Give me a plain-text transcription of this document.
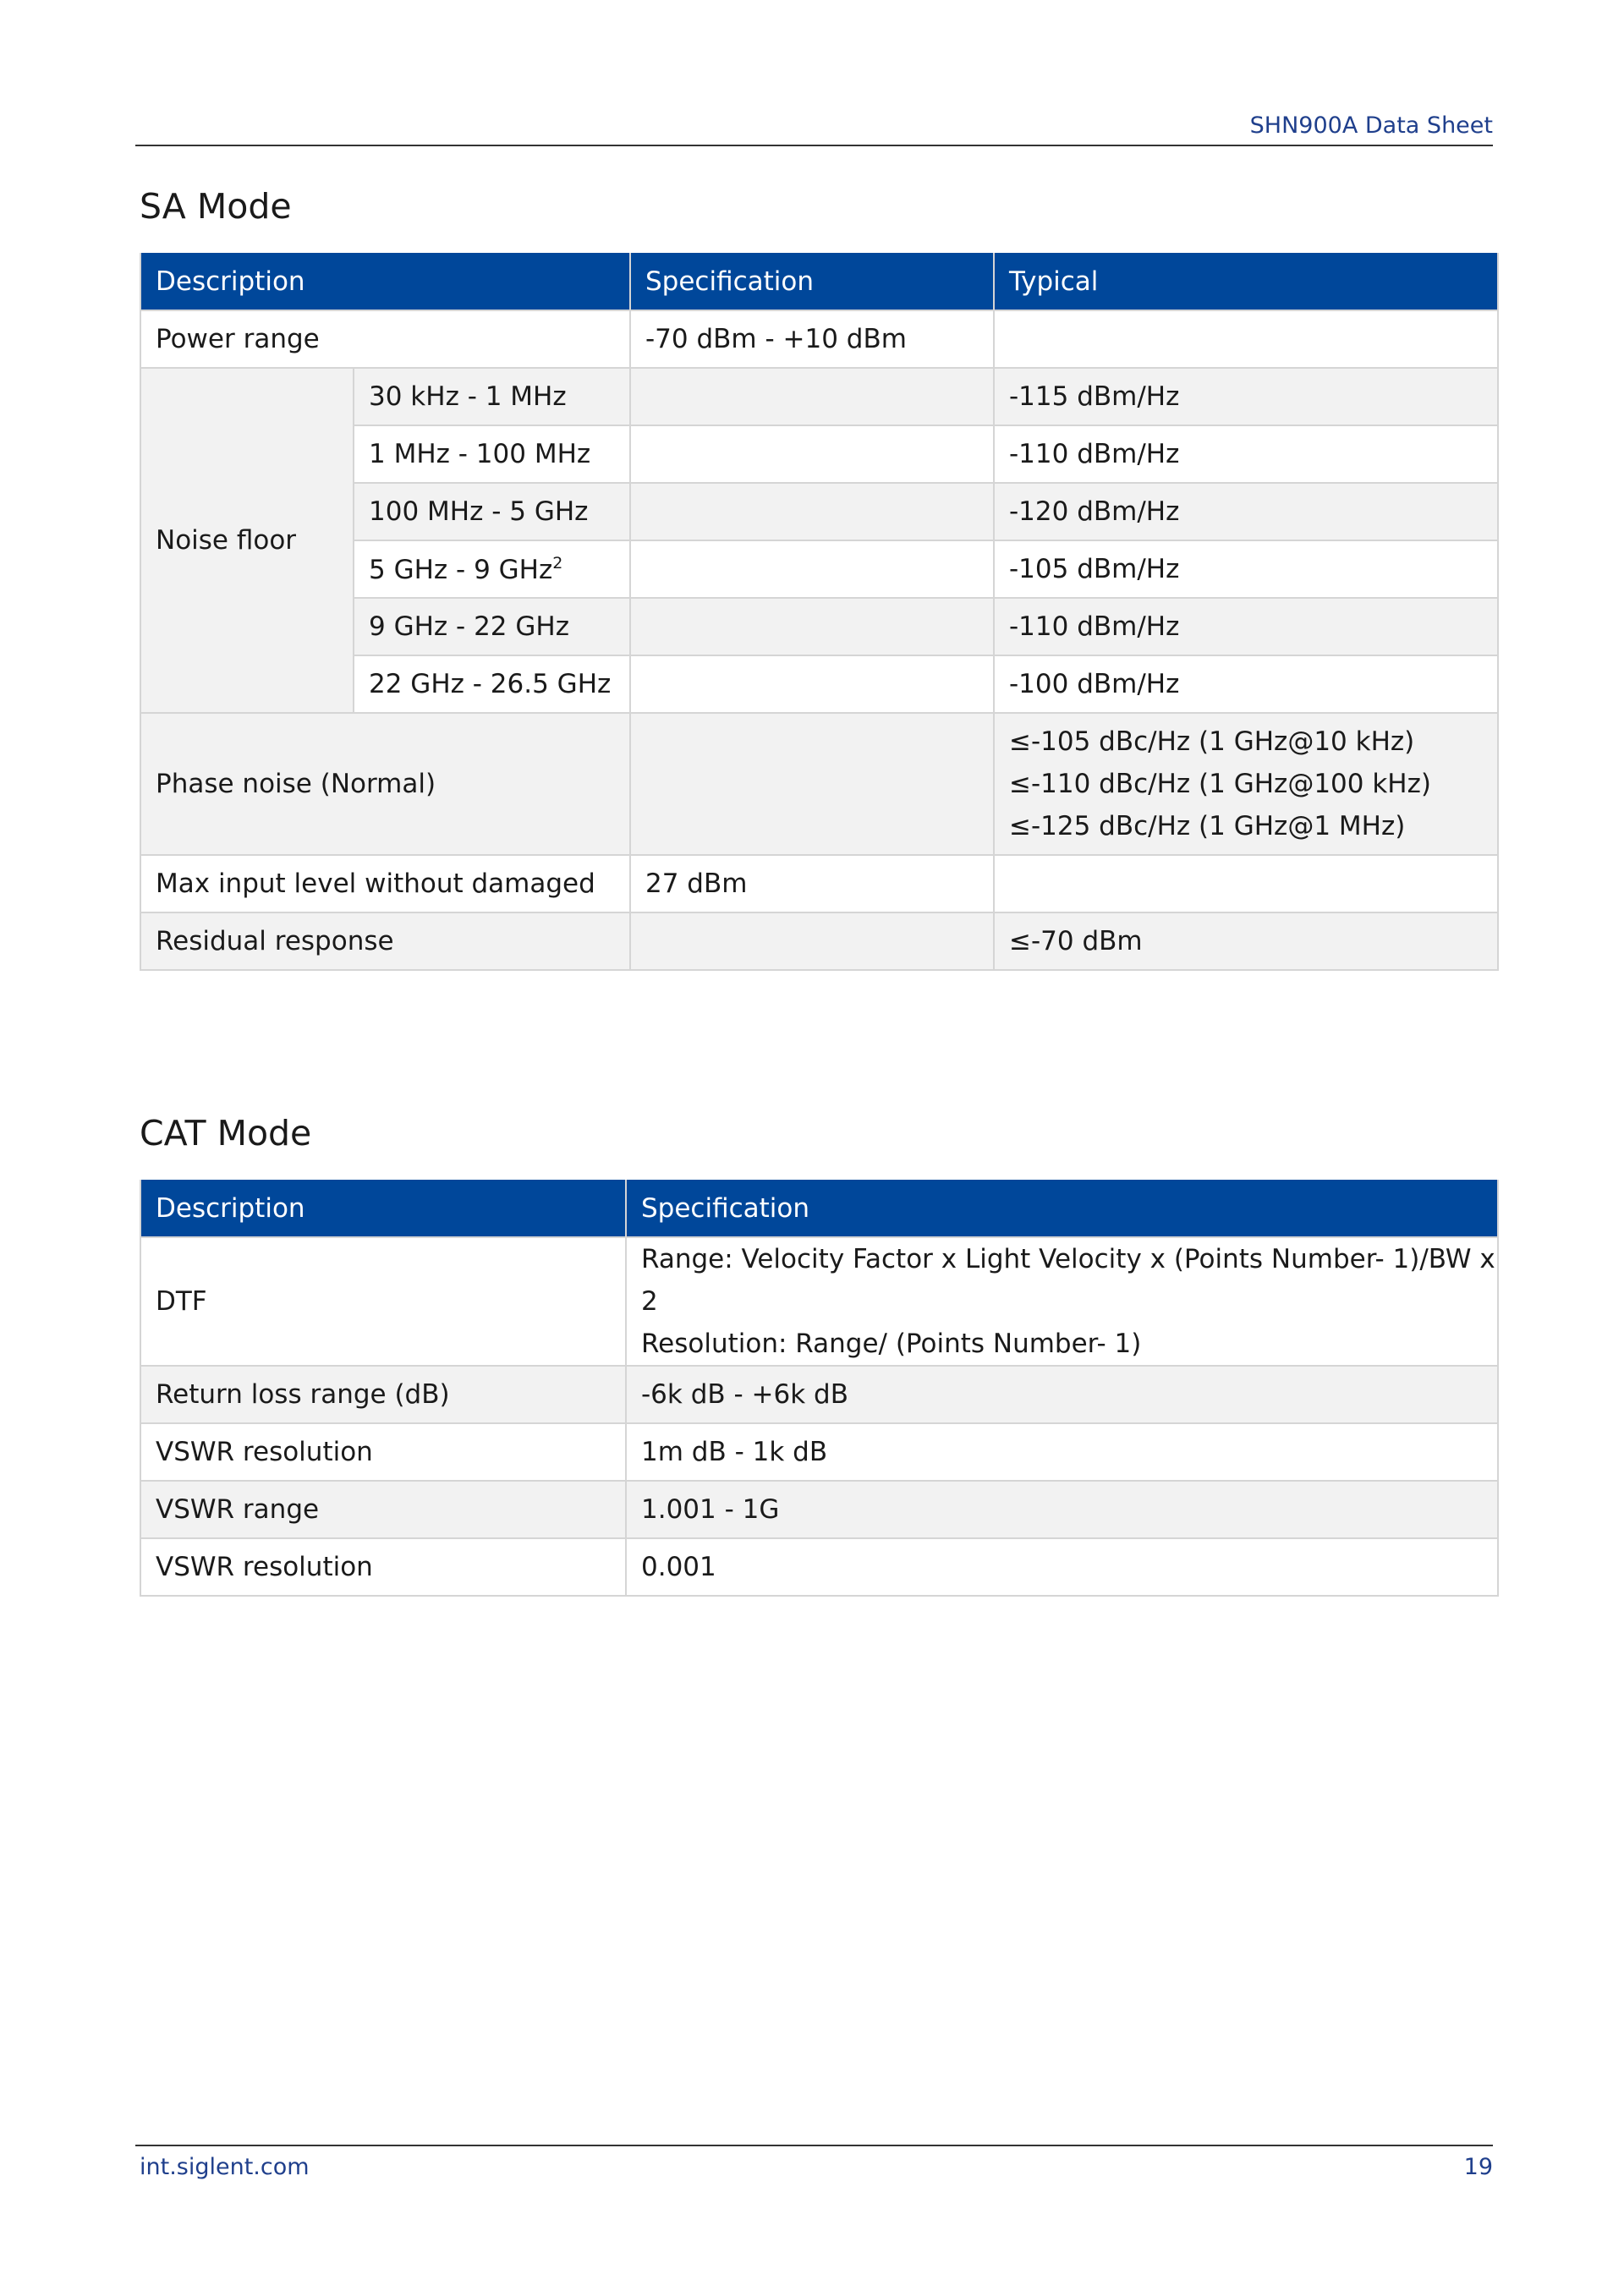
SHN900A Data Sheet
SA Mode
Description		Specification	Typical
Power range		-70 dBm - +10 dBm	
Noise floor	30 kHz - 1 MHz		-115 dBm/Hz
	1 MHz - 100 MHz		-110 dBm/Hz
	100 MHz - 5 GHz		-120 dBm/Hz
	5 GHz - 9 GHz$^2$		-105 dBm/Hz
	9 GHz - 22 GHz		-110 dBm/Hz
	22 GHz - 26.5 GHz		-100 dBm/Hz
Phase noise (Normal)			≤-105 dBc/Hz (1 GHz@10 kHz)
≤-110 dBc/Hz (1 GHz@100 kHz)
≤-125 dBc/Hz (1 GHz@1 MHz)

Max input level without damaged		27 dBm	
Residual response			≤-70 dBm
CAT Mode
Description	Specification
DTF	Range: Velocity Factor x Light Velocity x (Points Number- 1)/BW x 2
Resolution: Range/ (Points Number- 1)

Return loss range (dB)	-6k dB - +6k dB
VSWR resolution	1m dB - 1k dB
VSWR range	1.001 - 1G
VSWR resolution	0.001
int.siglent.com	19
